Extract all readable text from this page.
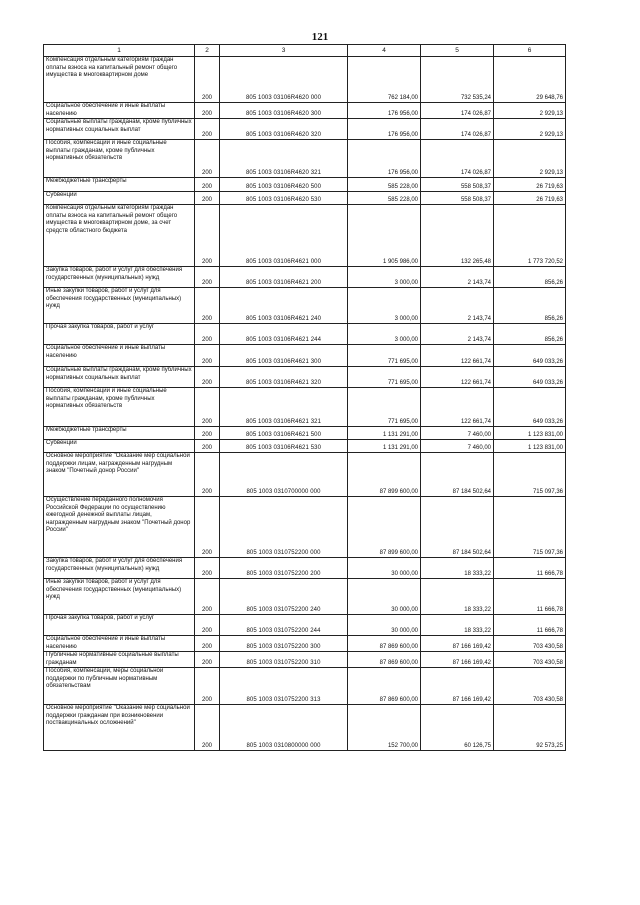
121
1	2	3	4	5	6
Компенсация отдельным категориям граждан оплаты взноса на капитальный ремонт общего имущества в многоквартирном доме	200	805 1003 03106R4620 000	762 184,00	732 535,24	29 648,76
Социальное обеспечение и иные выплаты населению	200	805 1003 03106R4620 300	176 956,00	174 026,87	2 929,13
Социальные выплаты гражданам, кроме публичных нормативных социальных выплат	200	805 1003 03106R4620 320	176 956,00	174 026,87	2 929,13
Пособия, компенсации и иные социальные выплаты гражданам, кроме публичных нормативных обязательств	200	805 1003 03106R4620 321	176 956,00	174 026,87	2 929,13
Межбюджетные трансферты	200	805 1003 03106R4620 500	585 228,00	558 508,37	26 719,63
Субвенции	200	805 1003 03106R4620 530	585 228,00	558 508,37	26 719,63
Компенсация отдельным категориям граждан оплаты взноса на капитальный ремонт общего имущества в многоквартирном доме, за счет средств областного бюджета	200	805 1003 03106R4621 000	1 905 986,00	132 265,48	1 773 720,52
Закупка товаров, работ и услуг для обеспечения государственных (муниципальных) нужд	200	805 1003 03106R4621 200	3 000,00	2 143,74	856,26
Иные закупки товаров, работ и услуг для обеспечения государственных (муниципальных) нужд	200	805 1003 03106R4621 240	3 000,00	2 143,74	856,26
Прочая закупка товаров, работ и услуг	200	805 1003 03106R4621 244	3 000,00	2 143,74	856,26
Социальное обеспечение и иные выплаты населению	200	805 1003 03106R4621 300	771 695,00	122 661,74	649 033,26
Социальные выплаты гражданам, кроме публичных нормативных социальных выплат	200	805 1003 03106R4621 320	771 695,00	122 661,74	649 033,26
Пособия, компенсации и иные социальные выплаты гражданам, кроме публичных нормативных обязательств	200	805 1003 03106R4621 321	771 695,00	122 661,74	649 033,26
Межбюджетные трансферты	200	805 1003 03106R4621 500	1 131 291,00	7 460,00	1 123 831,00
Субвенции	200	805 1003 03106R4621 530	1 131 291,00	7 460,00	1 123 831,00
Основное мероприятие "Оказание мер социальной поддержки лицам, награжденным нагрудным знаком "Почетный донор России"	200	805 1003 0310700000 000	87 899 600,00	87 184 502,64	715 097,36
Осуществление переданного полномочия Российской Федерации по осуществлению ежегодной денежной выплаты лицам, награжденным нагрудным знаком "Почетный донор России"	200	805 1003 0310752200 000	87 899 600,00	87 184 502,64	715 097,36
Закупка товаров, работ и услуг для обеспечения государственных (муниципальных) нужд	200	805 1003 0310752200 200	30 000,00	18 333,22	11 666,78
Иные закупки товаров, работ и услуг для обеспечения государственных (муниципальных) нужд	200	805 1003 0310752200 240	30 000,00	18 333,22	11 666,78
Прочая закупка товаров, работ и услуг	200	805 1003 0310752200 244	30 000,00	18 333,22	11 666,78
Социальное обеспечение и иные выплаты населению	200	805 1003 0310752200 300	87 869 600,00	87 166 169,42	703 430,58
Публичные нормативные социальные выплаты гражданам	200	805 1003 0310752200 310	87 869 600,00	87 166 169,42	703 430,58
Пособия, компенсации, меры социальной поддержки по публичным нормативным обязательствам	200	805 1003 0310752200 313	87 869 600,00	87 166 169,42	703 430,58
Основное мероприятие "Оказание мер социальной поддержки гражданам при возникновении поствакцинальных осложнений"	200	805 1003 0310800000 000	152 700,00	60 126,75	92 573,25
